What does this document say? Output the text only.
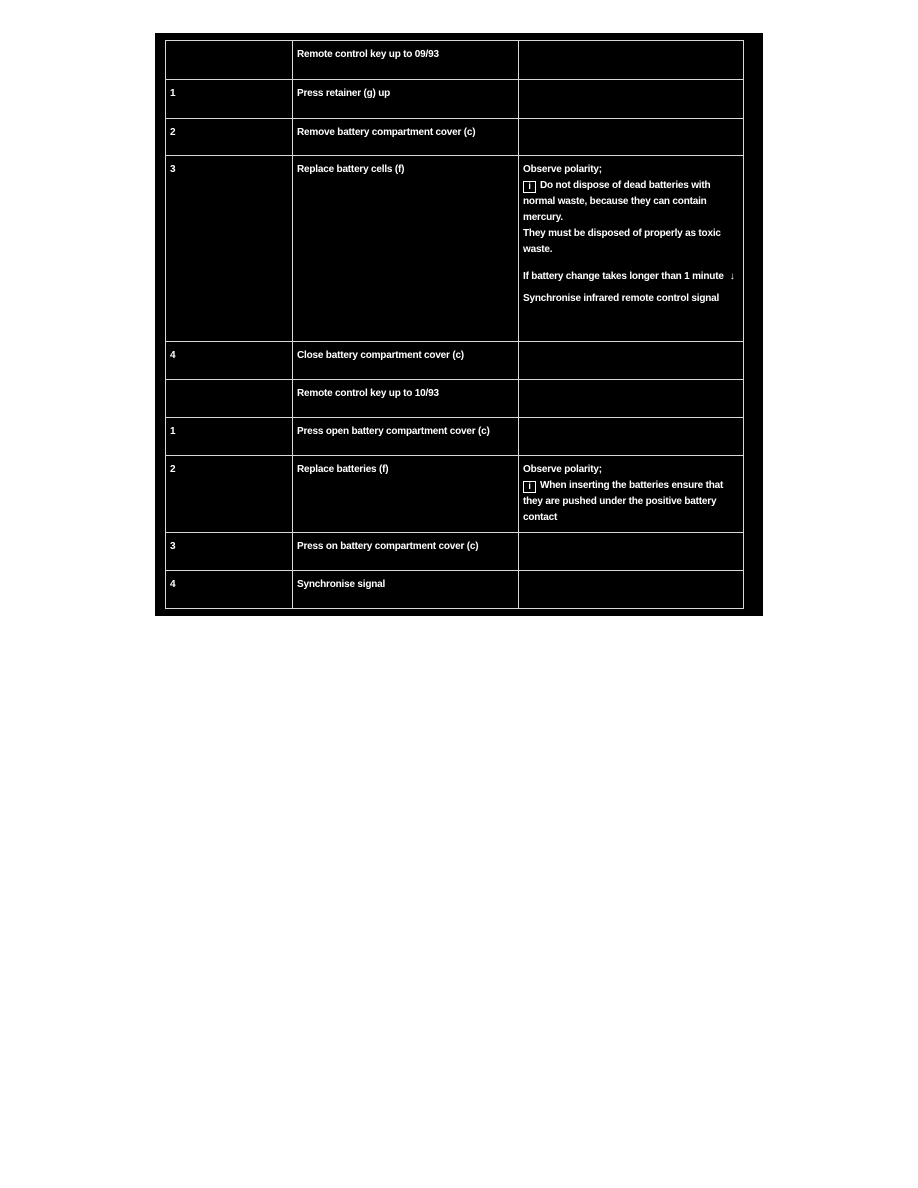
	Remote control key up to 09/93	
1	Press retainer (g) up	
2	Remove battery compartment cover (c)	
3	Replace battery cells (f)	Observe polarity;
i Do not dispose of dead batteries with normal waste, because they can contain mercury.
They must be disposed of properly as toxic waste.
If battery change takes longer than 1 minute ↓
Synchronise infrared remote control signal

4	Close battery compartment cover (c)	
	Remote control key up to 10/93	
1	Press open battery compartment cover (c)	
2	Replace batteries (f)	Observe polarity;
i When inserting the batteries ensure that they are pushed under the positive battery contact

3	Press on battery compartment cover (c)	
4	Synchronise signal	
